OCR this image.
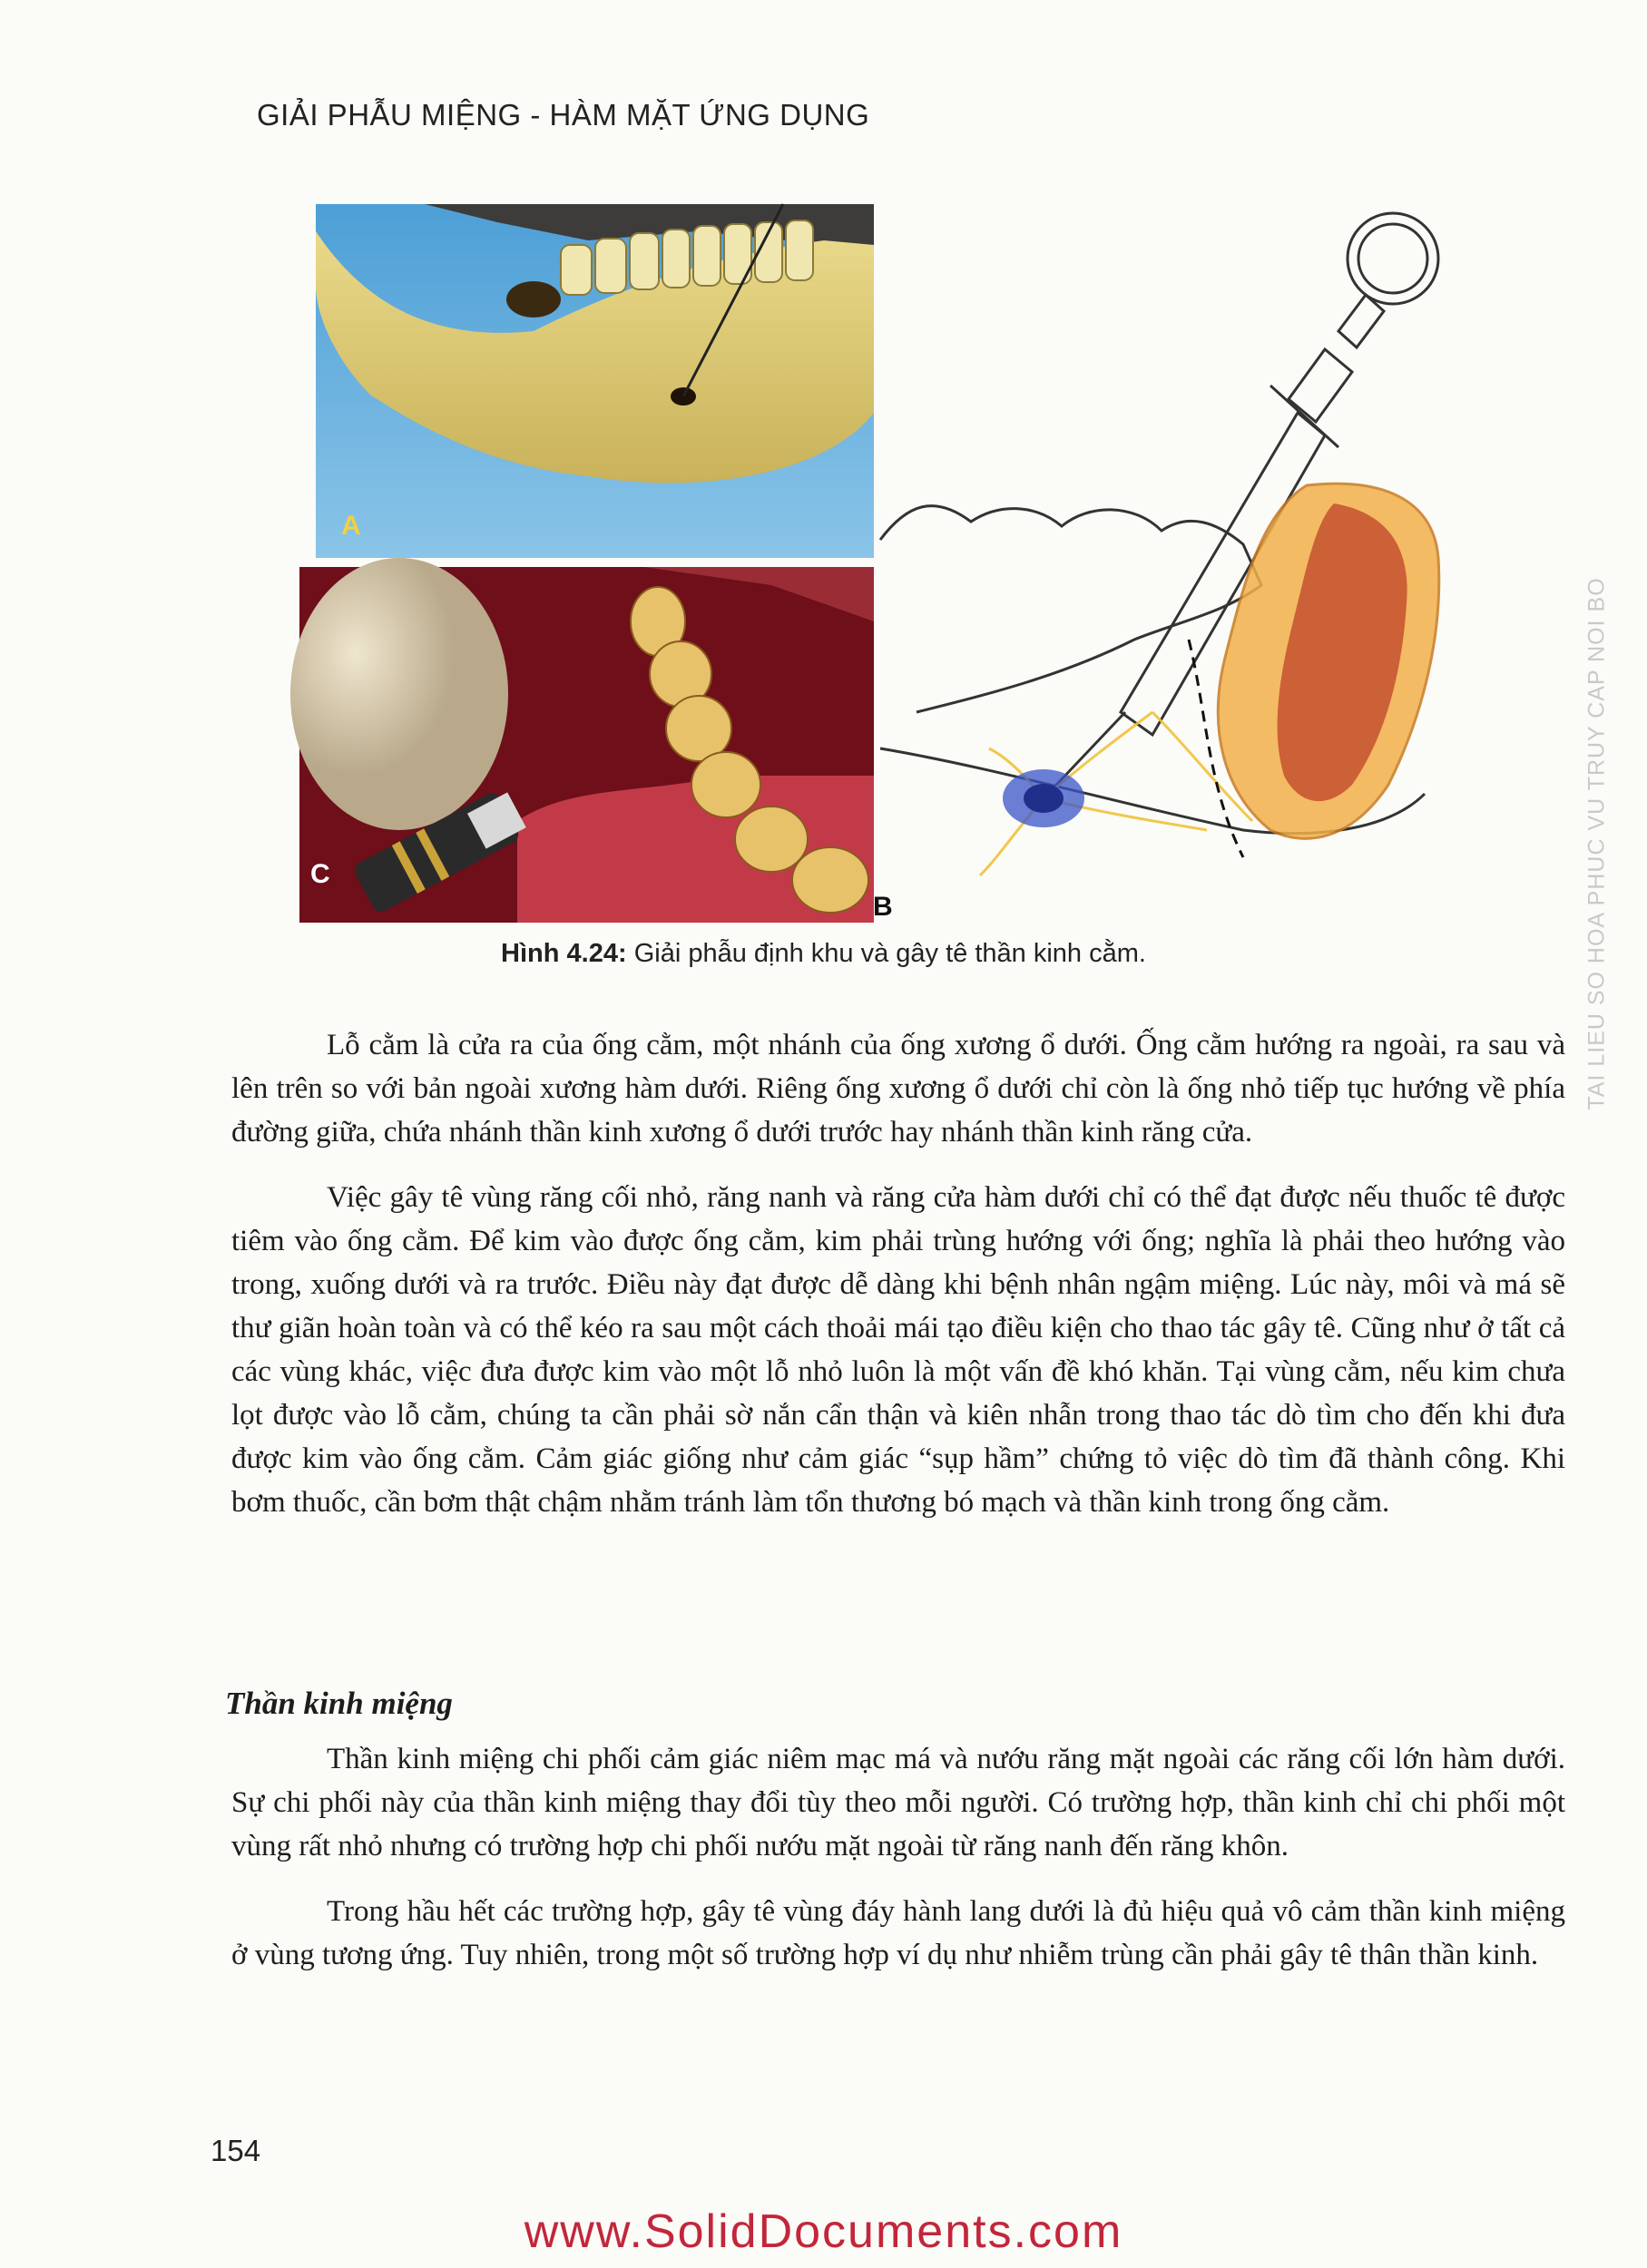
GIẢI PHẪU MIỆNG - HÀM MẶT ỨNG DỤNG
A
C
B
Hình 4.24: Giải phẫu định khu và gây tê thần kinh cằm.

Lỗ cằm là cửa ra của ống cằm, một nhánh của ống xương ổ dưới. Ống cằm hướng ra ngoài, ra sau và lên trên so với bản ngoài xương hàm dưới. Riêng ống xương ổ dưới chỉ còn là ống nhỏ tiếp tục hướng về phía đường giữa, chứa nhánh thần kinh xương ổ dưới trước hay nhánh thần kinh răng cửa.

Việc gây tê vùng răng cối nhỏ, răng nanh và răng cửa hàm dưới chỉ có thể đạt được nếu thuốc tê được tiêm vào ống cằm. Để kim vào được ống cằm, kim phải trùng hướng với ống; nghĩa là phải theo hướng vào trong, xuống dưới và ra trước. Điều này đạt được dễ dàng khi bệnh nhân ngậm miệng. Lúc này, môi và má sẽ thư giãn hoàn toàn và có thể kéo ra sau một cách thoải mái tạo điều kiện cho thao tác gây tê. Cũng như ở tất cả các vùng khác, việc đưa được kim vào một lỗ nhỏ luôn là một vấn đề khó khăn. Tại vùng cằm, nếu kim chưa lọt được vào lỗ cằm, chúng ta cần phải sờ nắn cẩn thận và kiên nhẫn trong thao tác dò tìm cho đến khi đưa được kim vào ống cằm. Cảm giác giống như cảm giác “sụp hầm” chứng tỏ việc dò tìm đã thành công. Khi bơm thuốc, cần bơm thật chậm nhằm tránh làm tổn thương bó mạch và thần kinh trong ống cằm.

Thần kinh miệng

Thần kinh miệng chi phối cảm giác niêm mạc má và nướu răng mặt ngoài các răng cối lớn hàm dưới. Sự chi phối này của thần kinh miệng thay đổi tùy theo mỗi người. Có trường hợp, thần kinh chỉ chi phối một vùng rất nhỏ nhưng có trường hợp chi phối nướu mặt ngoài từ răng nanh đến răng khôn.

Trong hầu hết các trường hợp, gây tê vùng đáy hành lang dưới là đủ hiệu quả vô cảm thần kinh miệng ở vùng tương ứng. Tuy nhiên, trong một số trường hợp ví dụ như nhiễm trùng cần phải gây tê thân thần kinh.

154
TAI LIEU SO HOA PHUC VU TRUY CAP NOI BO
www.SolidDocuments.com
